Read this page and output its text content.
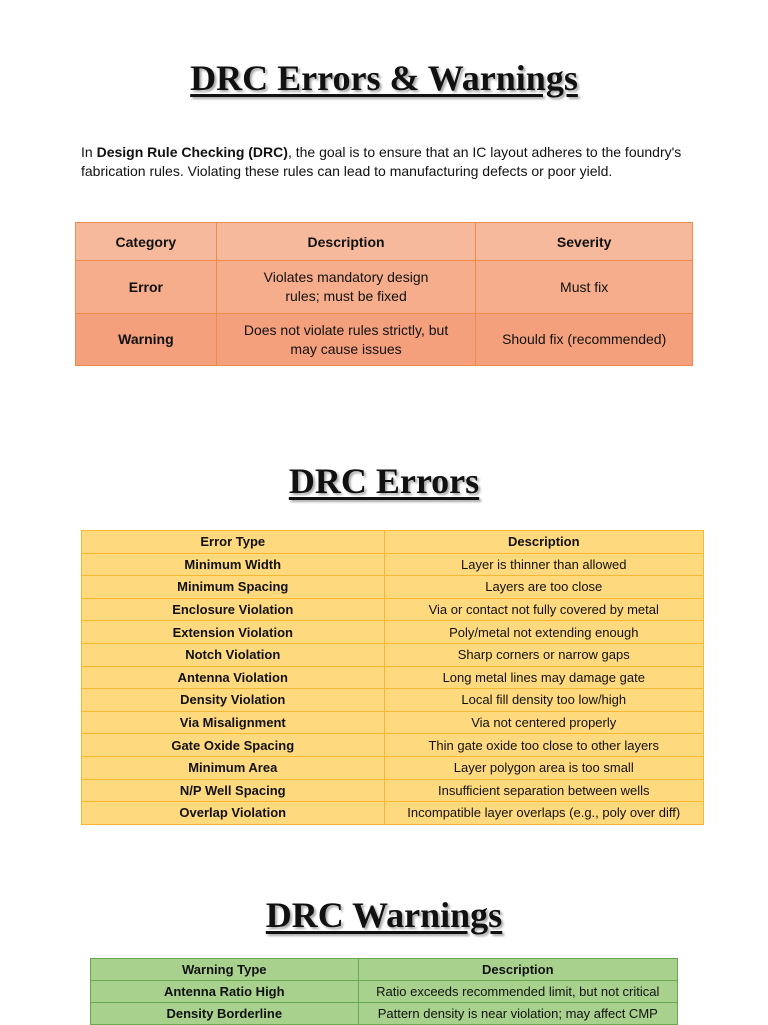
DRC Errors & Warnings

In Design Rule Checking (DRC), the goal is to ensure that an IC layout adheres to the foundry's fabrication rules. Violating these rules can lead to manufacturing defects or poor yield.

Category	Description	Severity
Error	Violates mandatory design rules; must be fixed	Must fix
Warning	Does not violate rules strictly, but may cause issues	Should fix (recommended)
DRC Errors
Error Type	Description
Minimum Width	Layer is thinner than allowed
Minimum Spacing	Layers are too close
Enclosure Violation	Via or contact not fully covered by metal
Extension Violation	Poly/metal not extending enough
Notch Violation	Sharp corners or narrow gaps
Antenna Violation	Long metal lines may damage gate
Density Violation	Local fill density too low/high
Via Misalignment	Via not centered properly
Gate Oxide Spacing	Thin gate oxide too close to other layers
Minimum Area	Layer polygon area is too small
N/P Well Spacing	Insufficient separation between wells
Overlap Violation	Incompatible layer overlaps (e.g., poly over diff)
DRC Warnings
Warning Type	Description
Antenna Ratio High	Ratio exceeds recommended limit, but not critical
Density Borderline	Pattern density is near violation; may affect CMP
